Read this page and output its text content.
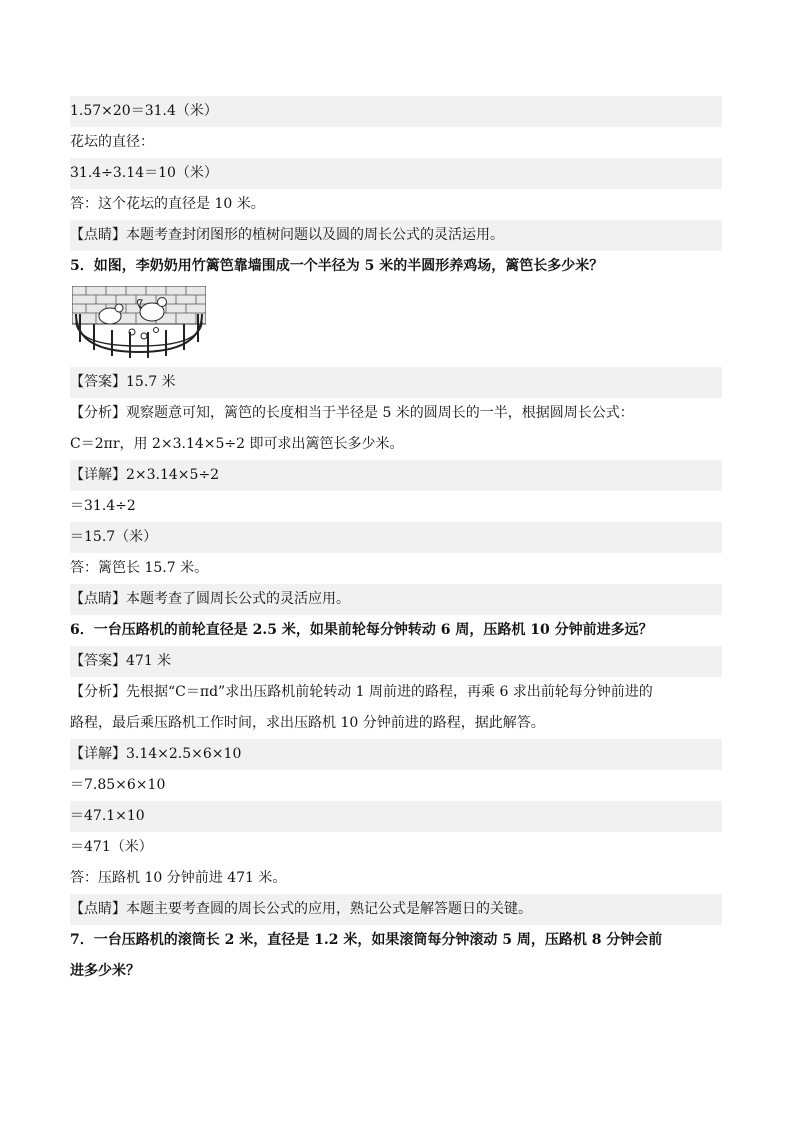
1.57×20＝31.4（米）
花坛的直径：
31.4÷3.14＝10（米）
答：这个花坛的直径是 10 米。
【点睛】本题考查封闭图形的植树问题以及圆的周长公式的灵活运用。
5．如图，李奶奶用竹篱笆靠墙围成一个半径为 5 米的半圆形养鸡场，篱笆长多少米？
【答案】15.7 米
【分析】观察题意可知，篱笆的长度相当于半径是 5 米的圆周长的一半，根据圆周长公式：
C＝2πr，用 2×3.14×5÷2 即可求出篱笆长多少米。
【详解】2×3.14×5÷2
＝31.4÷2
＝15.7（米）
答：篱笆长 15.7 米。
【点睛】本题考查了圆周长公式的灵活应用。
6．一台压路机的前轮直径是 2.5 米，如果前轮每分钟转动 6 周，压路机 10 分钟前进多远？
【答案】471 米
【分析】先根据“C＝πd”求出压路机前轮转动 1 周前进的路程，再乘 6 求出前轮每分钟前进的
路程，最后乘压路机工作时间，求出压路机 10 分钟前进的路程，据此解答。
【详解】3.14×2.5×6×10
＝7.85×6×10
＝47.1×10
＝471（米）
答：压路机 10 分钟前进 471 米。
【点睛】本题主要考查圆的周长公式的应用，熟记公式是解答题日的关键。
7．一台压路机的滚筒长 2 米，直径是 1.2 米，如果滚筒每分钟滚动 5 周，压路机 8 分钟会前
进多少米？
